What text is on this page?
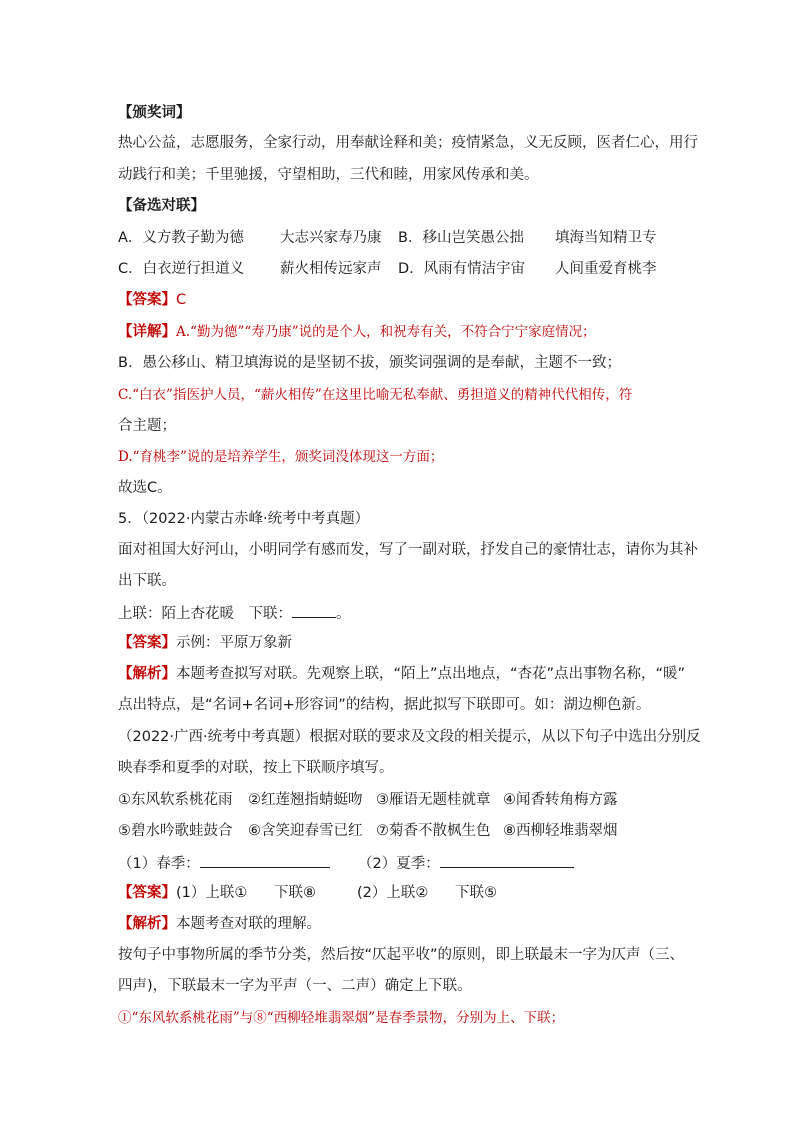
【颁奖词】
热心公益，志愿服务，全家行动，用奉献诠释和美；疫情紧急，义无反顾，医者仁心，用行
动践行和美；千里驰援，守望相助，三代和睦，用家风传承和美。
【备选对联】
A．义方教子勤为德 大志兴家寿乃康 B．移山岂笑愚公拙 填海当知精卫专
C．白衣逆行担道义 薪火相传远家声 D．风雨有情洁宇宙 人间重爱育桃李
【答案】C
【详解】A.“勤为德”“寿乃康”说的是个人，和祝寿有关，不符合宁宁家庭情况；
B．愚公移山、精卫填海说的是坚韧不拔，颁奖词强调的是奉献，主题不一致；
C.“白衣”指医护人员，“薪火相传”在这里比喻无私奉献、勇担道义的精神代代相传，符
合主题；
D.“育桃李”说的是培养学生，颁奖词没体现这一方面；
故选C。
5．（2022·内蒙古赤峰·统考中考真题）
面对祖国大好河山，小明同学有感而发，写了一副对联，抒发自己的豪情壮志，请你为其补
出下联。
上联：陌上杏花暖　下联：	。
【答案】示例：平原万象新
【解析】本题考查拟写对联。先观察上联，“陌上”点出地点，“杏花”点出事物名称，“暖”
点出特点，是“名词+名词+形容词”的结构，据此拟写下联即可。如：湖边柳色新。
（2022·广西·统考中考真题）根据对联的要求及文段的相关提示，从以下句子中选出分别反
映春季和夏季的对联，按上下联顺序填写。
①东风软系桃花雨 ②红莲翘指蜻蜓吻 ③雁语无题桂就章 ④闻香转角梅方露
⑤碧水吟歌蛙鼓合 ⑥含笑迎春雪已红 ⑦菊香不散枫生色 ⑧西柳轻堆翡翠烟
（1）春季：	（2）夏季：
【答案】(1）上联① 下联⑧	(2）上联② 下联⑤
【解析】本题考查对联的理解。
按句子中事物所属的季节分类，然后按“仄起平收”的原则，即上联最末一字为仄声（三、
四声)，下联最末一字为平声（一、二声）确定上下联。
①“东风软系桃花雨”与⑧“西柳轻堆翡翠烟”是春季景物，分别为上、下联；
